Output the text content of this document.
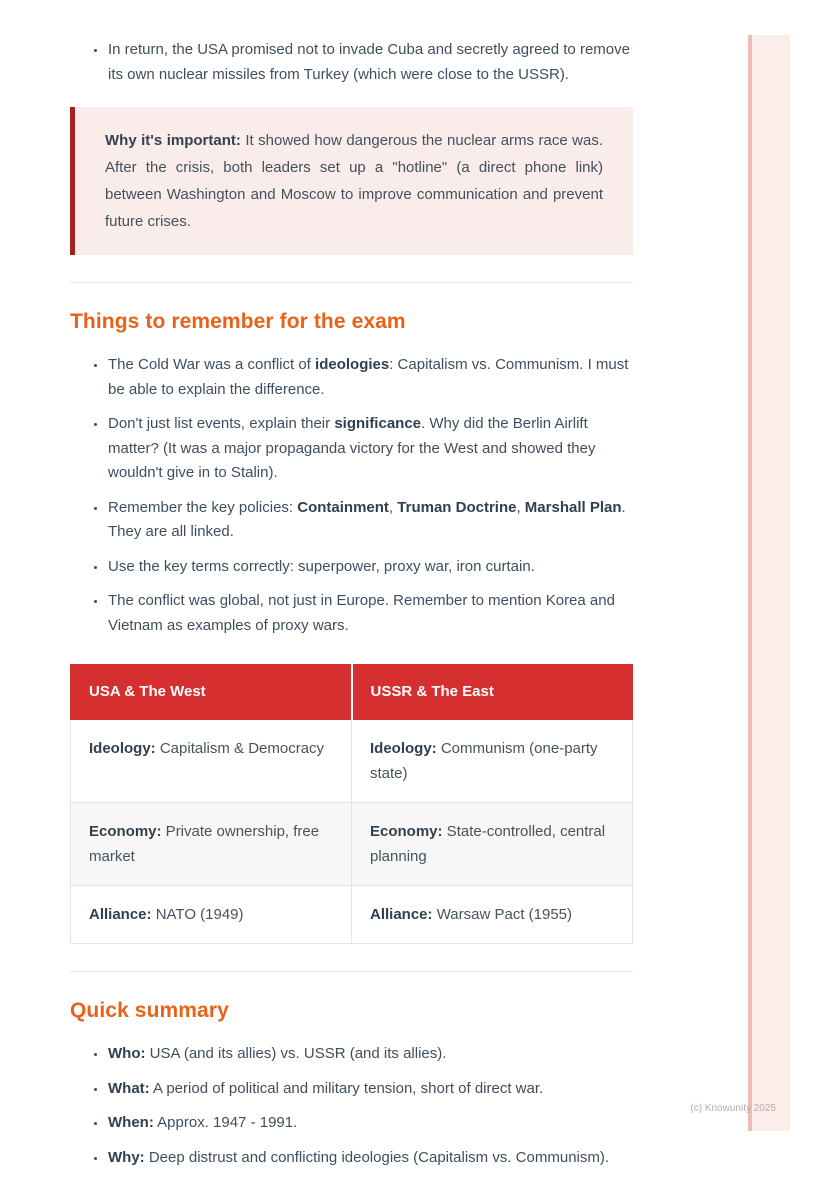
• In return, the USA promised not to invade Cuba and secretly agreed to remove its own nuclear missiles from Turkey (which were close to the USSR).
Why it's important: It showed how dangerous the nuclear arms race was. After the crisis, both leaders set up a "hotline" (a direct phone link) between Washington and Moscow to improve communication and prevent future crises.
Things to remember for the exam
• The Cold War was a conflict of ideologies: Capitalism vs. Communism. I must be able to explain the difference.
• Don't just list events, explain their significance. Why did the Berlin Airlift matter? (It was a major propaganda victory for the West and showed they wouldn't give in to Stalin).
• Remember the key policies: Containment, Truman Doctrine, Marshall Plan. They are all linked.
• Use the key terms correctly: superpower, proxy war, iron curtain.
• The conflict was global, not just in Europe. Remember to mention Korea and Vietnam as examples of proxy wars.
USA & The West	USSR & The East
Ideology: Capitalism & Democracy	Ideology: Communism (one-party state)
Economy: Private ownership, free market	Economy: State-controlled, central planning
Alliance: NATO (1949)	Alliance: Warsaw Pact (1955)
Quick summary
• Who: USA (and its allies) vs. USSR (and its allies).
• What: A period of political and military tension, short of direct war.
• When: Approx. 1947 - 1991.
• Why: Deep distrust and conflicting ideologies (Capitalism vs. Communism).
(c) Knowunity 2025
